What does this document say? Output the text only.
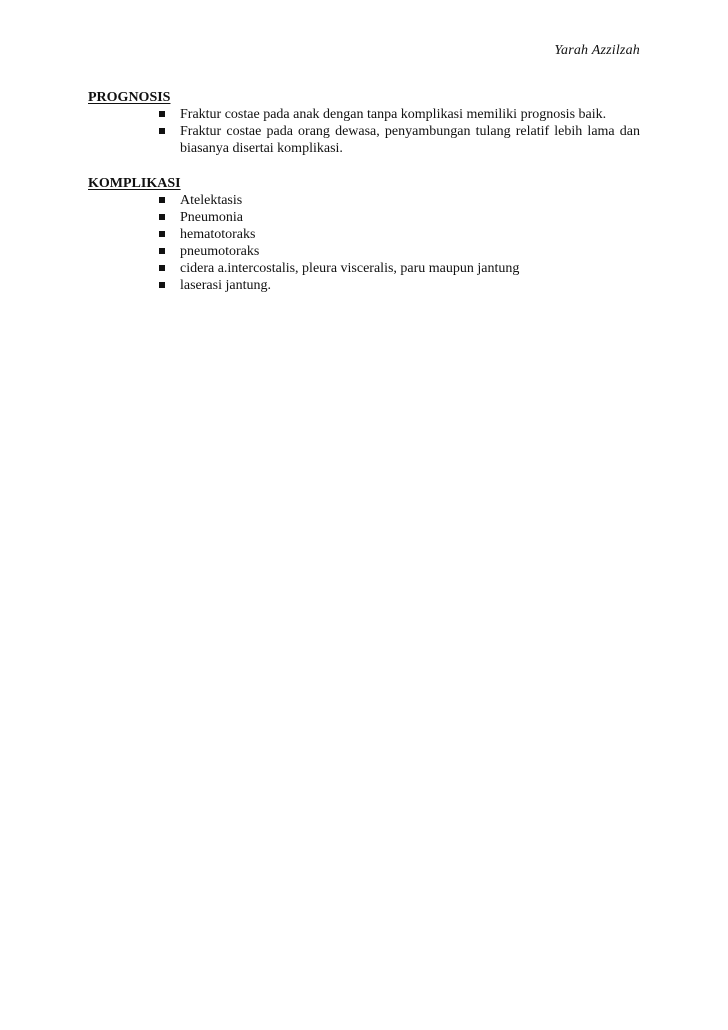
Yarah Azzilzah

PROGNOSIS

Fraktur costae pada anak dengan tanpa komplikasi memiliki prognosis baik.
Fraktur costae pada orang dewasa, penyambungan tulang relatif lebih lama dan biasanya disertai komplikasi.

KOMPLIKASI

Atelektasis
Pneumonia
hematotoraks
pneumotoraks
cidera a.intercostalis, pleura visceralis, paru maupun jantung
laserasi jantung.
